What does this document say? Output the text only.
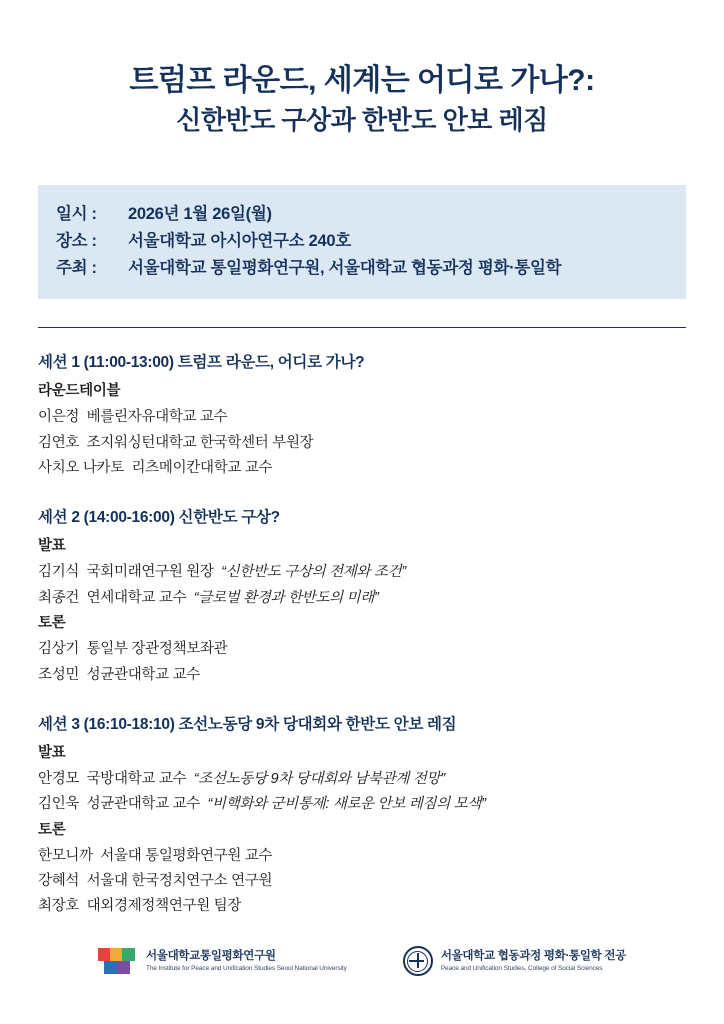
트럼프 라운드, 세계는 어디로 가나?:
신한반도 구상과 한반도 안보 레짐
일시 :	2026년 1월 26일(월)
장소 :	서울대학교 아시아연구소 240호
주최 :	서울대학교 통일평화연구원, 서울대학교 협동과정 평화·통일학
세션 1 (11:00-13:00) 트럼프 라운드, 어디로 가나?
라운드테이블
이은정 베를린자유대학교 교수
김연호 조지워싱턴대학교 한국학센터 부원장
사치오 나카토 리츠메이칸대학교 교수
세션 2 (14:00-16:00) 신한반도 구상?
발표
김기식 국회미래연구원 원장 “신한반도 구상의 전제와 조건”
최종건 연세대학교 교수 “글로벌 환경과 한반도의 미래”
토론
김상기 통일부 장관정책보좌관
조성민 성균관대학교 교수
세션 3 (16:10-18:10) 조선노동당 9차 당대회와 한반도 안보 레짐
발표
안경모 국방대학교 교수 “조선노동당 9차 당대회와 남북관계 전망”
김인욱 성균관대학교 교수 “비핵화와 군비통제: 새로운 안보 레짐의 모색”
토론
한모니까 서울대 통일평화연구원 교수
강혜석 서울대 한국정치연구소 연구원
최장호 대외경제정책연구원 팀장
서울대학교통일평화연구원
The Institute for Peace and Unification Studies Seoul National University
서울대학교 협동과정 평화·통일학 전공
Peace and Unification Studies, College of Social Sciences
